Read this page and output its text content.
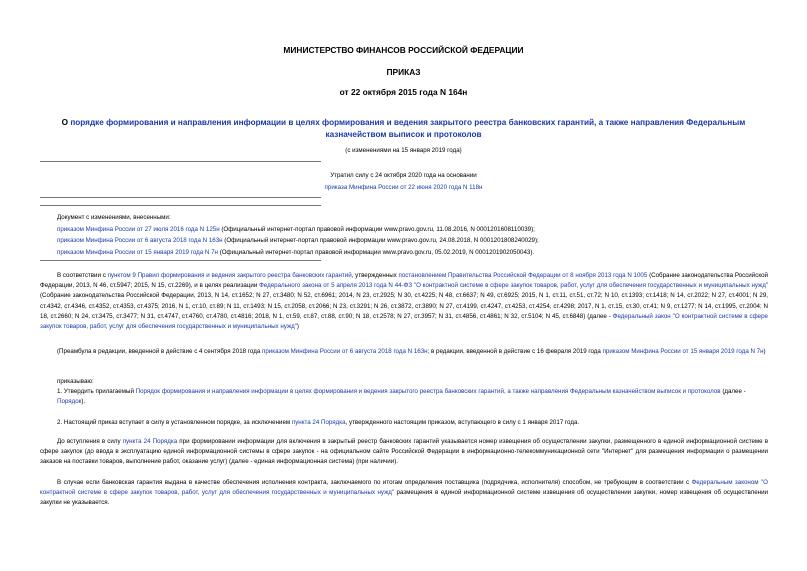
МИНИСТЕРСТВО ФИНАНСОВ РОССИЙСКОЙ ФЕДЕРАЦИИ
ПРИКАЗ
от 22 октября 2015 года N 164н
О порядке формирования и направления информации в целях формирования и ведения закрытого реестра банковских гарантий, а также направления Федеральным казначейством выписок и протоколов
(с изменениями на 15 января 2019 года)
Утратил силу с 24 октября 2020 года на основании
приказа Минфина России от 22 июня 2020 года N 118н
Документ с изменениями, внесенными:
приказом Минфина России от 27 июля 2016 года N 125н (Официальный интернет-портал правовой информации www.pravo.gov.ru, 11.08.2016, N 0001201608110039);
приказом Минфина России от 6 августа 2018 года N 163н (Официальный интернет-портал правовой информации www.pravo.gov.ru, 24.08.2018, N 0001201808240029);
приказом Минфина России от 15 января 2019 года N 7н (Официальный интернет-портал правовой информации www.pravo.gov.ru, 05.02.2019, N 0001201902050043).
В соответствии с пунктом 9 Правил формирования и ведения закрытого реестра банковских гарантий, утвержденных постановлением Правительства Российской Федерации от 8 ноября 2013 года N 1005 (Собрание законодательства Российской Федерации, 2013, N 46, ст.5947; 2015, N 15, ст.2269), и в целях реализации Федерального закона от 5 апреля 2013 года N 44-ФЗ "О контрактной системе в сфере закупок товаров, работ, услуг для обеспечения государственных и муниципальных нужд" (Собрание законодательства Российской Федерации, 2013, N 14, ст.1652; N 27, ст.3480; N 52, ст.6961; 2014, N 23, ст.2925; N 30, ст.4225; N 48, ст.6637; N 49, ст.6925; 2015, N 1, ст.11, ст.51, ст.72; N 10, ст.1393; ст.1418; N 14, ст.2022; N 27, ст.4001; N 29, ст.4342, ст.4346, ст.4352, ст.4353, ст.4375; 2016, N 1, ст.10, ст.89; N 11, ст.1493; N 15, ст.2058, ст.2066; N 23, ст.3291; N 26, ст.3872, ст.3890; N 27, ст.4199, ст.4247, ст.4253, ст.4254, ст.4298; 2017, N 1, ст.15, ст.30, ст.41; N 9, ст.1277; N 14, ст.1995, ст.2004; N 18, ст.2660; N 24, ст.3475, ст.3477; N 31, ст.4747, ст.4760, ст.4780, ст.4816; 2018, N 1, ст.59, ст.87, ст.88, ст.90; N 18, ст.2578; N 27, ст.3957; N 31, ст.4856, ст.4861; N 32, ст.5104; N 45, ст.6848) (далее - Федеральный закон "О контрактной системе в сфере закупок товаров, работ, услуг для обеспечения государственных и муниципальных нужд")
(Преамбула в редакции, введенной в действие с 4 сентября 2018 года приказом Минфина России от 6 августа 2018 года N 163н; в редакции, введенной в действие с 16 февраля 2019 года приказом Минфина России от 15 января 2019 года N 7н)
приказываю:
1. Утвердить прилагаемый Порядок формирования и направления информации в целях формирования и ведения закрытого реестра банковских гарантий, а также направления Федеральным казначейством выписок и протоколов (далее - Порядок).
2. Настоящий приказ вступает в силу в установленном порядке, за исключением пункта 24 Порядка, утвержденного настоящим приказом, вступающего в силу с 1 января 2017 года.
До вступления в силу пункта 24 Порядка при формировании информации для включения в закрытый реестр банковских гарантий указывается номер извещения об осуществлении закупки, размещенного в единой информационной системе в сфере закупок (до ввода в эксплуатацию единой информационной системы в сфере закупок - на официальном сайте Российской Федерации в информационно-телекоммуникационной сети "Интернет" для размещения информации о размещении заказов на поставки товаров, выполнение работ, оказание услуг) (далее - единая информационная система) (при наличии).
В случае если банковская гарантия выдана в качестве обеспечения исполнения контракта, заключаемого по итогам определения поставщика (подрядчика, исполнителя) способом, не требующим в соответствии с Федеральным законом "О контрактной системе в сфере закупок товаров, работ, услуг для обеспечения государственных и муниципальных нужд" размещения в единой информационной системе извещения об осуществлении закупки, номер извещения об осуществлении закупки не указывается.
